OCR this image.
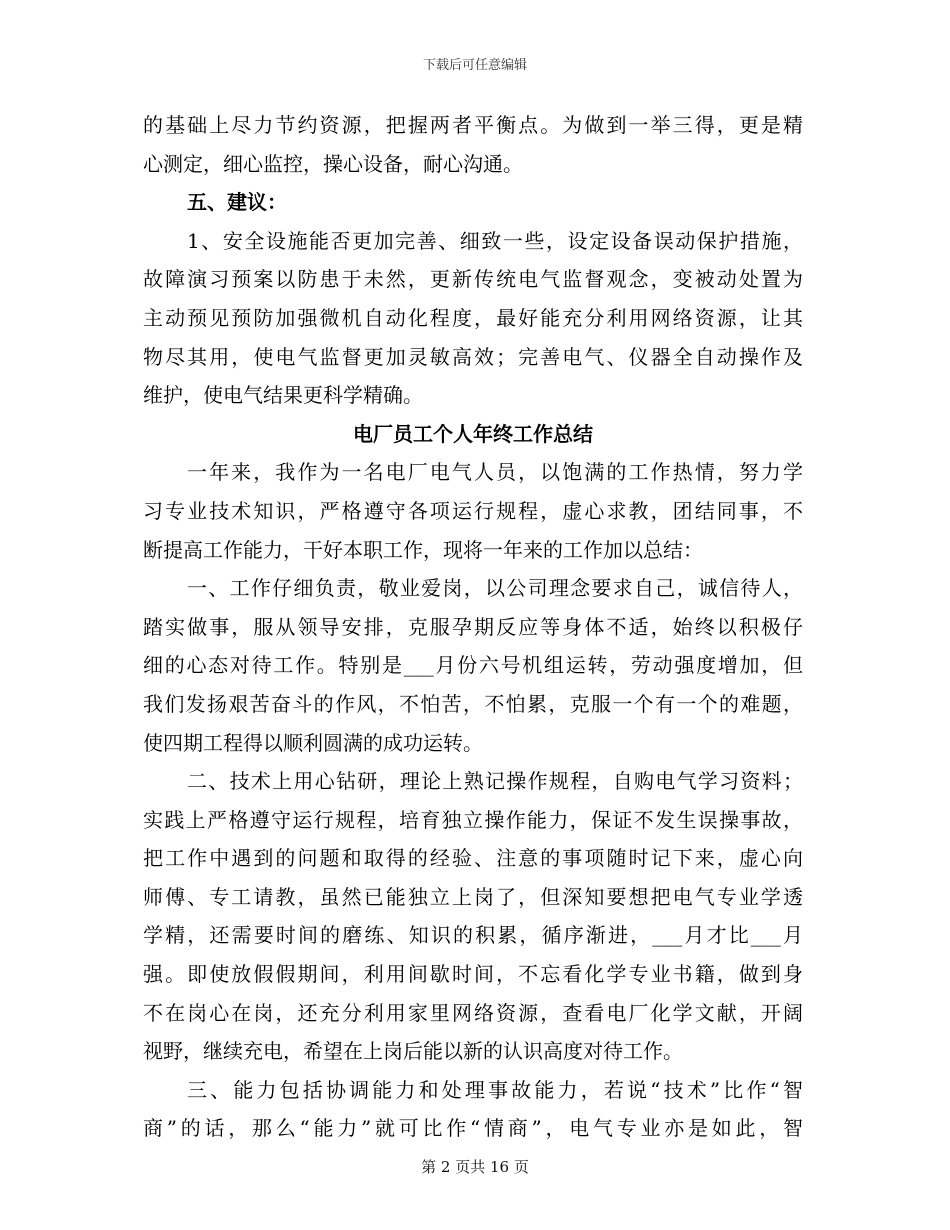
下载后可任意编辑
的基础上尽力节约资源，把握两者平衡点。为做到一举三得，更是精
心测定，细心监控，操心设备，耐心沟通。
五、建议：
1、安全设施能否更加完善、细致一些，设定设备误动保护措施，
故障演习预案以防患于未然，更新传统电气监督观念，变被动处置为
主动预见预防加强微机自动化程度，最好能充分利用网络资源，让其
物尽其用，使电气监督更加灵敏高效；完善电气、仪器全自动操作及
维护，使电气结果更科学精确。
电厂员工个人年终工作总结
一年来，我作为一名电厂电气人员，以饱满的工作热情，努力学
习专业技术知识，严格遵守各项运行规程，虚心求教，团结同事，不
断提高工作能力，干好本职工作，现将一年来的工作加以总结：
一、工作仔细负责，敬业爱岗，以公司理念要求自己，诚信待人，
踏实做事，服从领导安排，克服孕期反应等身体不适，始终以积极仔
细的心态对待工作。特别是___月份六号机组运转，劳动强度增加，但
我们发扬艰苦奋斗的作风，不怕苦，不怕累，克服一个有一个的难题，
使四期工程得以顺利圆满的成功运转。
二、技术上用心钻研，理论上熟记操作规程，自购电气学习资料；
实践上严格遵守运行规程，培育独立操作能力，保证不发生误操事故，
把工作中遇到的问题和取得的经验、注意的事项随时记下来，虚心向
师傅、专工请教，虽然已能独立上岗了，但深知要想把电气专业学透
学精，还需要时间的磨练、知识的积累，循序渐进，___月才比___月
强。即使放假假期间，利用间歇时间，不忘看化学专业书籍，做到身
不在岗心在岗，还充分利用家里网络资源，查看电厂化学文献，开阔
视野，继续充电，希望在上岗后能以新的认识高度对待工作。
三、能力包括协调能力和处理事故能力，若说“技术”比作“智
商”的话，那么“能力”就可比作“情商”，电气专业亦是如此，智
第 2 页共 16 页
